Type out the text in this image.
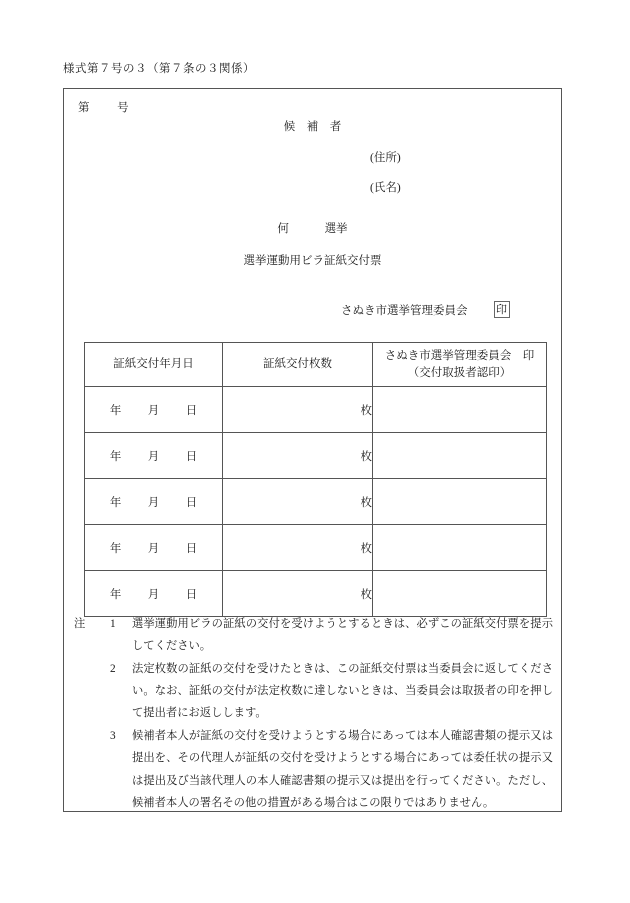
様式第７号の３（第７条の３関係）
第 号
候　補　者
(住所)
(氏名)
何	選挙
選挙運動用ビラ証紙交付票
さぬき市選挙管理委員会	印
証紙交付年月日	証紙交付枚数	さぬき市選挙管理委員会　印
（交付取扱者認印）

年 月 日	枚	
年 月 日	枚	
年 月 日	枚	
年 月 日	枚	
年 月 日	枚	
注 1 選挙運動用ビラの証紙の交付を受けようとするときは、必ずこの証紙交付票を提示してください。
2 法定枚数の証紙の交付を受けたときは、この証紙交付票は当委員会に返してください。なお、証紙の交付が法定枚数に達しないときは、当委員会は取扱者の印を押して提出者にお返しします。
3 候補者本人が証紙の交付を受けようとする場合にあっては本人確認書類の提示又は提出を、その代理人が証紙の交付を受けようとする場合にあっては委任状の提示又は提出及び当該代理人の本人確認書類の提示又は提出を行ってください。ただし、候補者本人の署名その他の措置がある場合はこの限りではありません。
